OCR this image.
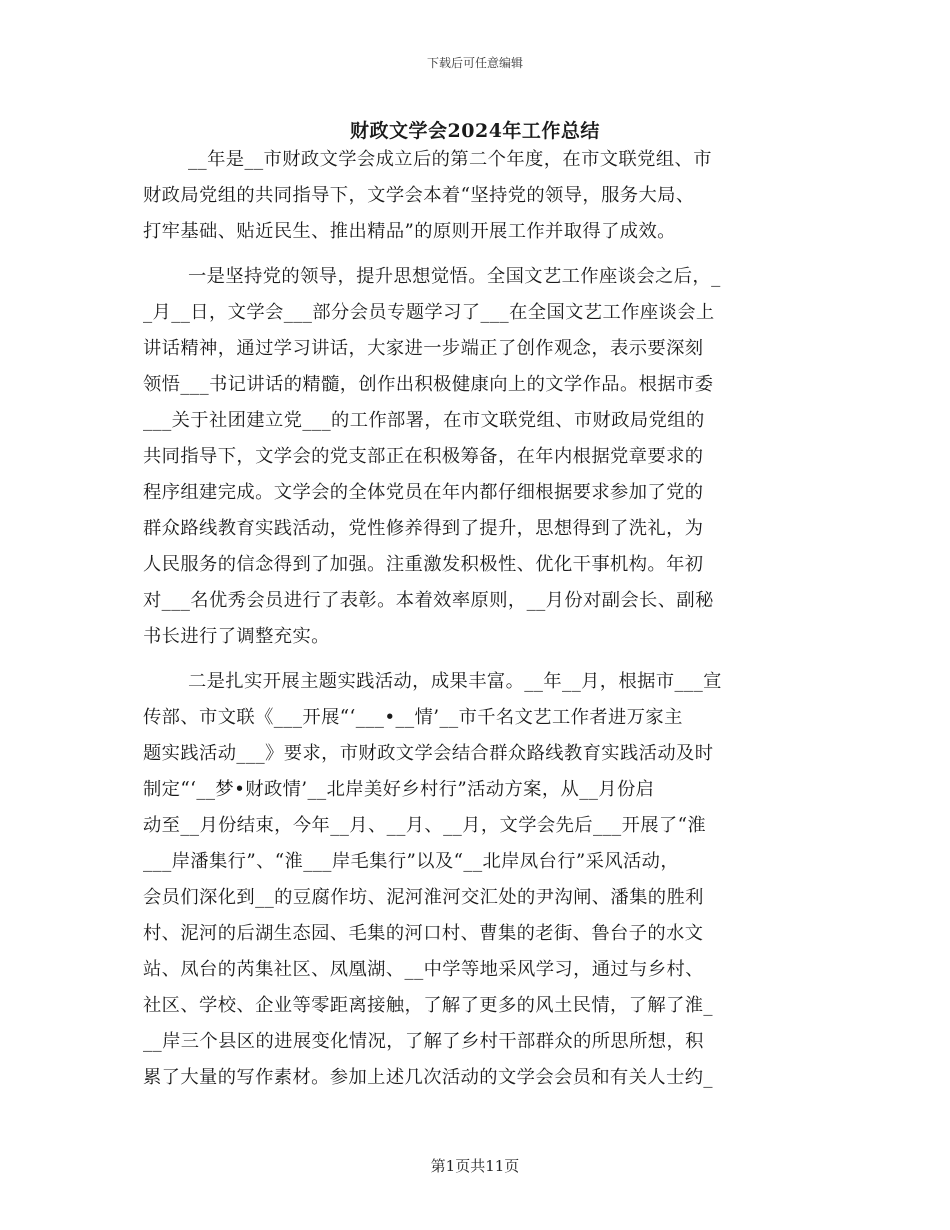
下载后可任意编辑
财政文学会2024年工作总结
__年是__市财政文学会成立后的第二个年度，在市文联党组、市
财政局党组的共同指导下，文学会本着“坚持党的领导，服务大局、
打牢基础、贴近民生、推出精品”的原则开展工作并取得了成效。
一是坚持党的领导，提升思想觉悟。全国文艺工作座谈会之后，_
_月__日，文学会___部分会员专题学习了___在全国文艺工作座谈会上
讲话精神，通过学习讲话，大家进一步端正了创作观念，表示要深刻
领悟___书记讲话的精髓，创作出积极健康向上的文学作品。根据市委
___关于社团建立党___的工作部署，在市文联党组、市财政局党组的
共同指导下，文学会的党支部正在积极筹备，在年内根据党章要求的
程序组建完成。文学会的全体党员在年内都仔细根据要求参加了党的
群众路线教育实践活动，党性修养得到了提升，思想得到了洗礼，为
人民服务的信念得到了加强。注重激发积极性、优化干事机构。年初
对___名优秀会员进行了表彰。本着效率原则，__月份对副会长、副秘
书长进行了调整充实。
二是扎实开展主题实践活动，成果丰富。__年__月，根据市___宣
传部、市文联《___开展“‘___•__情’__市千名文艺工作者进万家主
题实践活动___》要求，市财政文学会结合群众路线教育实践活动及时
制定“‘__梦•财政情’__北岸美好乡村行”活动方案，从__月份启
动至__月份结束，今年__月、__月、__月，文学会先后___开展了“淮
___岸潘集行”、“淮___岸毛集行”以及“__北岸凤台行”采风活动，
会员们深化到__的豆腐作坊、泥河淮河交汇处的尹沟闸、潘集的胜利
村、泥河的后湖生态园、毛集的河口村、曹集的老街、鲁台子的水文
站、凤台的芮集社区、凤凰湖、__中学等地采风学习，通过与乡村、
社区、学校、企业等零距离接触，了解了更多的风土民情，了解了淮_
__岸三个县区的进展变化情况，了解了乡村干部群众的所思所想，积
累了大量的写作素材。参加上述几次活动的文学会会员和有关人士约_
第1页共11页
